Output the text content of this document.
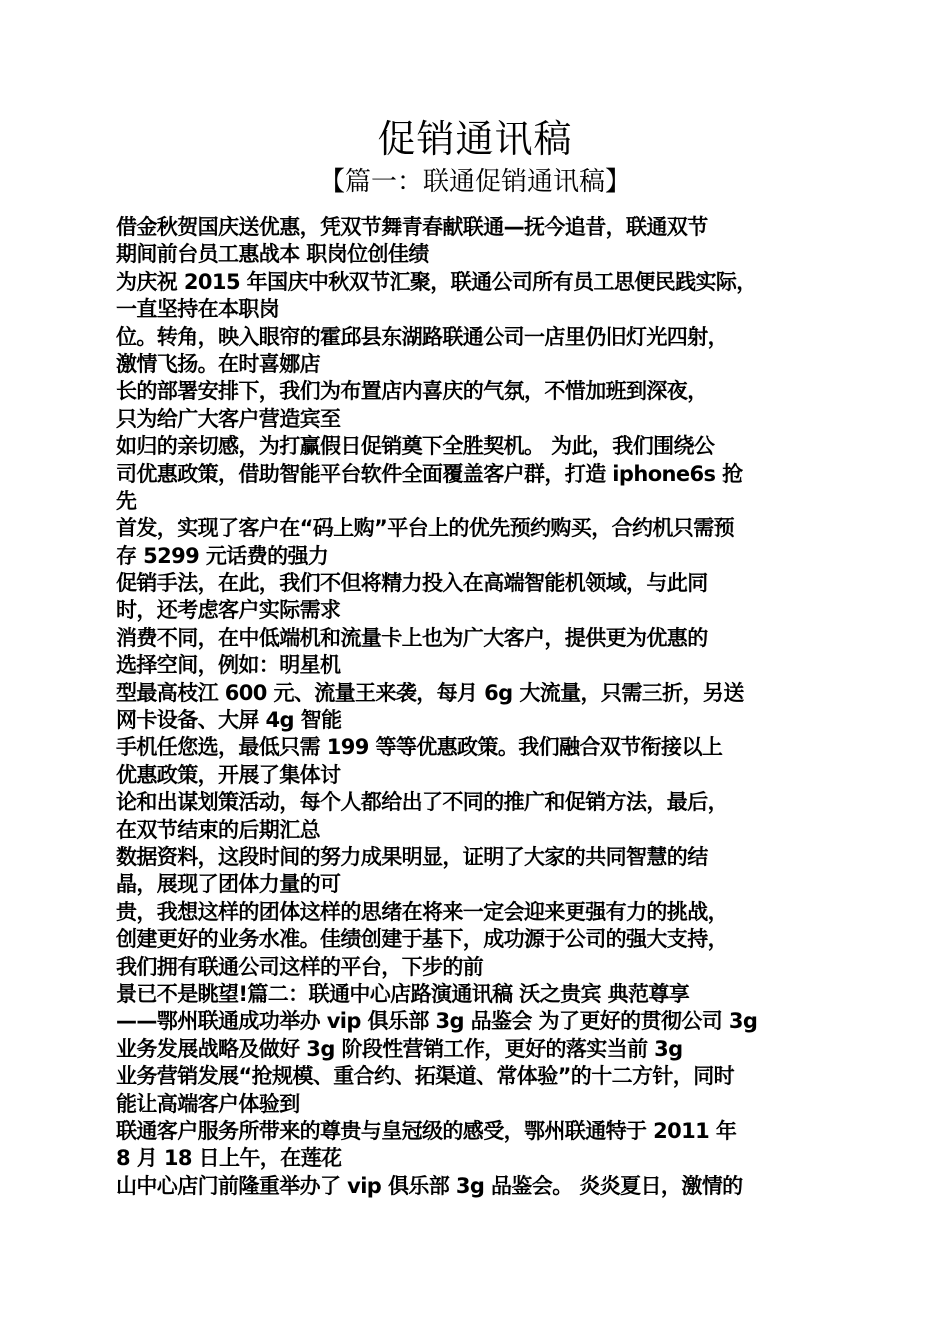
促销通讯稿
【篇一：联通促销通讯稿】
借金秋贺国庆送优惠，凭双节舞青春献联通—抚今追昔，联通双节
期间前台员工惠战本 职岗位创佳绩
为庆祝 2015 年国庆中秋双节汇聚，联通公司所有员工思便民践实际，
一直坚持在本职岗
位。转角，映入眼帘的霍邱县东湖路联通公司一店里仍旧灯光四射，
激情飞扬。在时喜娜店
长的部署安排下，我们为布置店内喜庆的气氛，不惜加班到深夜，
只为给广大客户营造宾至
如归的亲切感，为打赢假日促销奠下全胜契机。 为此，我们围绕公
司优惠政策，借助智能平台软件全面覆盖客户群，打造 iphone6s 抢
先
首发，实现了客户在“码上购”平台上的优先预约购买，合约机只需预
存 5299 元话费的强力
促销手法，在此，我们不但将精力投入在高端智能机领域，与此同
时，还考虑客户实际需求
消费不同，在中低端机和流量卡上也为广大客户，提供更为优惠的
选择空间，例如：明星机
型最高枝江 600 元、流量王来袭，每月 6g 大流量，只需三折，另送
网卡设备、大屏 4g 智能
手机任您选，最低只需 199 等等优惠政策。我们融合双节衔接以上
优惠政策，开展了集体讨
论和出谋划策活动，每个人都给出了不同的推广和促销方法，最后，
在双节结束的后期汇总
数据资料，这段时间的努力成果明显，证明了大家的共同智慧的结
晶，展现了团体力量的可
贵，我想这样的团体这样的思绪在将来一定会迎来更强有力的挑战，
创建更好的业务水准。佳绩创建于基下，成功源于公司的强大支持，
我们拥有联通公司这样的平台，下步的前
景已不是眺望!篇二：联通中心店路演通讯稿 沃之贵宾 典范尊享
——鄂州联通成功举办 vip 俱乐部 3g 品鉴会 为了更好的贯彻公司 3g
业务发展战略及做好 3g 阶段性营销工作，更好的落实当前 3g
业务营销发展“抢规模、重合约、拓渠道、常体验”的十二方针，同时
能让高端客户体验到
联通客户服务所带来的尊贵与皇冠级的感受，鄂州联通特于 2011 年
8 月 18 日上午，在莲花
山中心店门前隆重举办了 vip 俱乐部 3g 品鉴会。 炎炎夏日，激情的
